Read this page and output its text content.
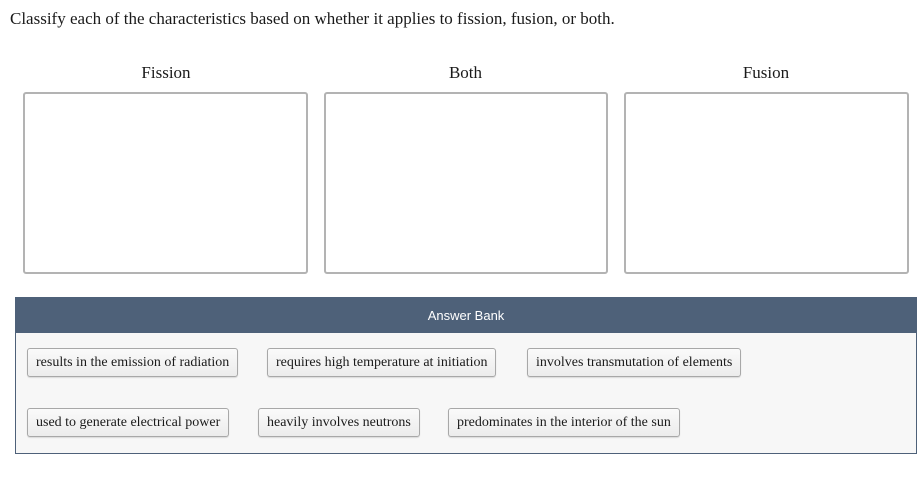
Classify each of the characteristics based on whether it applies to fission, fusion, or both.
Fission	Both	Fusion
Answer Bank
results in the emission of radiation	requires high temperature at initiation	involves transmutation of elements
used to generate electrical power	heavily involves neutrons	predominates in the interior of the sun
